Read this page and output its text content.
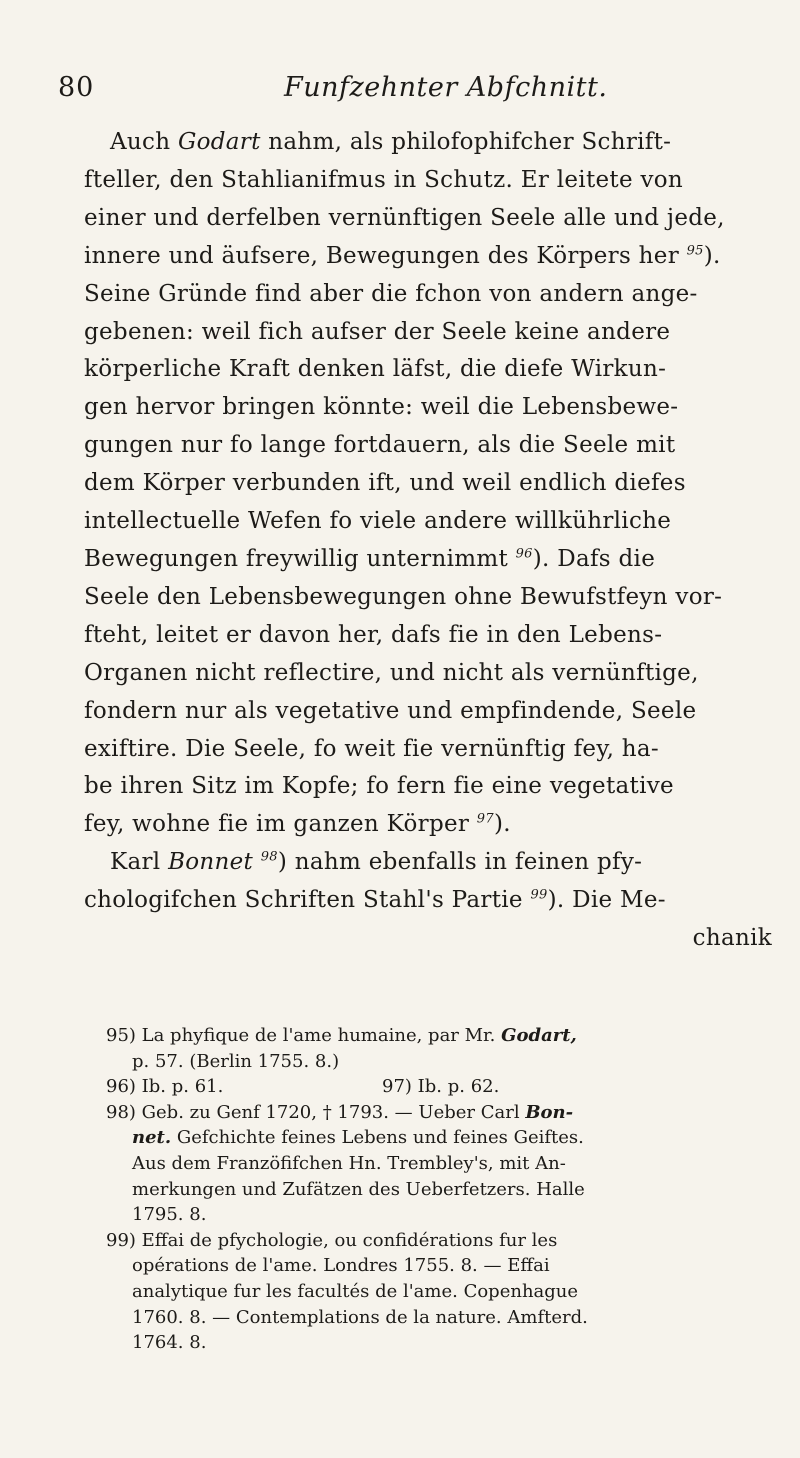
80	Funfzehnter Abfchnitt.
Auch Godart nahm, als philofophifcher Schrift-
fteller, den Stahlianifmus in Schutz. Er leitete von
einer und derfelben vernünftigen Seele alle und jede,
innere und äufsere, Bewegungen des Körpers her $^{95}$).
Seine Gründe find aber die fchon von andern ange-
gebenen: weil fich aufser der Seele keine andere
körperliche Kraft denken läfst, die diefe Wirkun-
gen hervor bringen könnte: weil die Lebensbewe-
gungen nur fo lange fortdauern, als die Seele mit
dem Körper verbunden ift, und weil endlich diefes
intellectuelle Wefen fo viele andere willkührliche
Bewegungen freywillig unternimmt $^{96}$). Dafs die
Seele den Lebensbewegungen ohne Bewufstfeyn vor-
fteht, leitet er davon her, dafs fie in den Lebens-
Organen nicht reflectire, und nicht als vernünftige,
fondern nur als vegetative und empfindende, Seele
exiftire. Die Seele, fo weit fie vernünftig fey, ha-
be ihren Sitz im Kopfe; fo fern fie eine vegetative
fey, wohne fie im ganzen Körper $^{97}$).
Karl Bonnet $^{98}$) nahm ebenfalls in feinen pfy-
chologifchen Schriften Stahl's Partie $^{99}$). Die Me-
chanik
95) La phyfique de l'ame humaine, par Mr. Godart,
p. 57. (Berlin 1755. 8.)
96) Ib. p. 61.	97) Ib. p. 62.
98) Geb. zu Genf 1720, † 1793. — Ueber Carl Bon-
net. Gefchichte feines Lebens und feines Geiftes.
Aus dem Franzöfifchen Hn. Trembley's, mit An-
merkungen und Zufätzen des Ueberfetzers. Halle
1795. 8.
99) Effai de pfychologie, ou confidérations fur les
opérations de l'ame. Londres 1755. 8. — Effai
analytique fur les facultés de l'ame. Copenhague
1760. 8. — Contemplations de la nature. Amfterd.
1764. 8.
